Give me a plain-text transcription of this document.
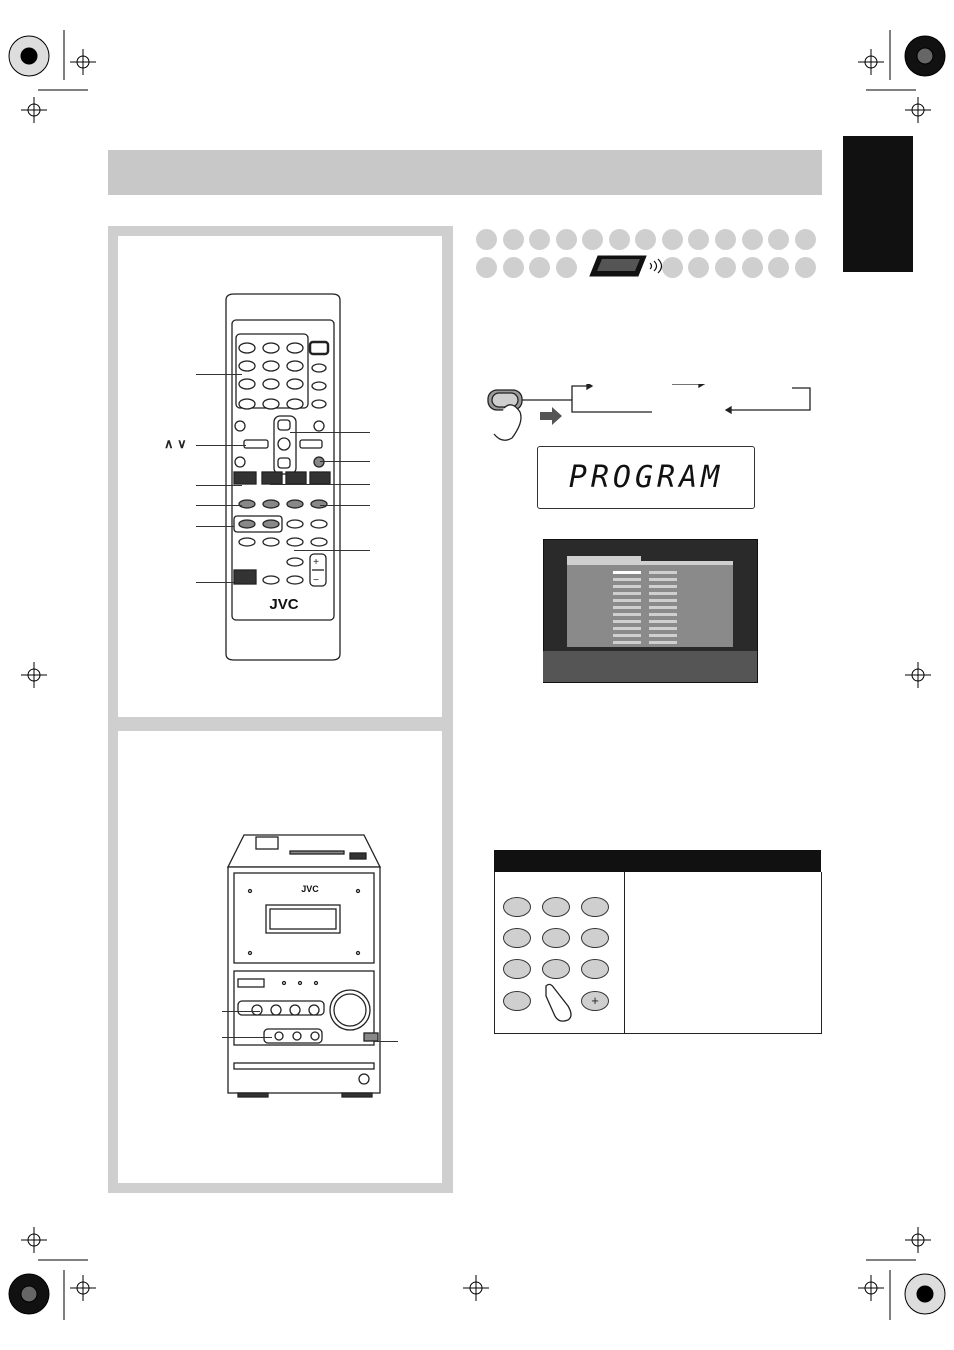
+
−
JVC
∧ ∨
JVC
PROGRAM
+
